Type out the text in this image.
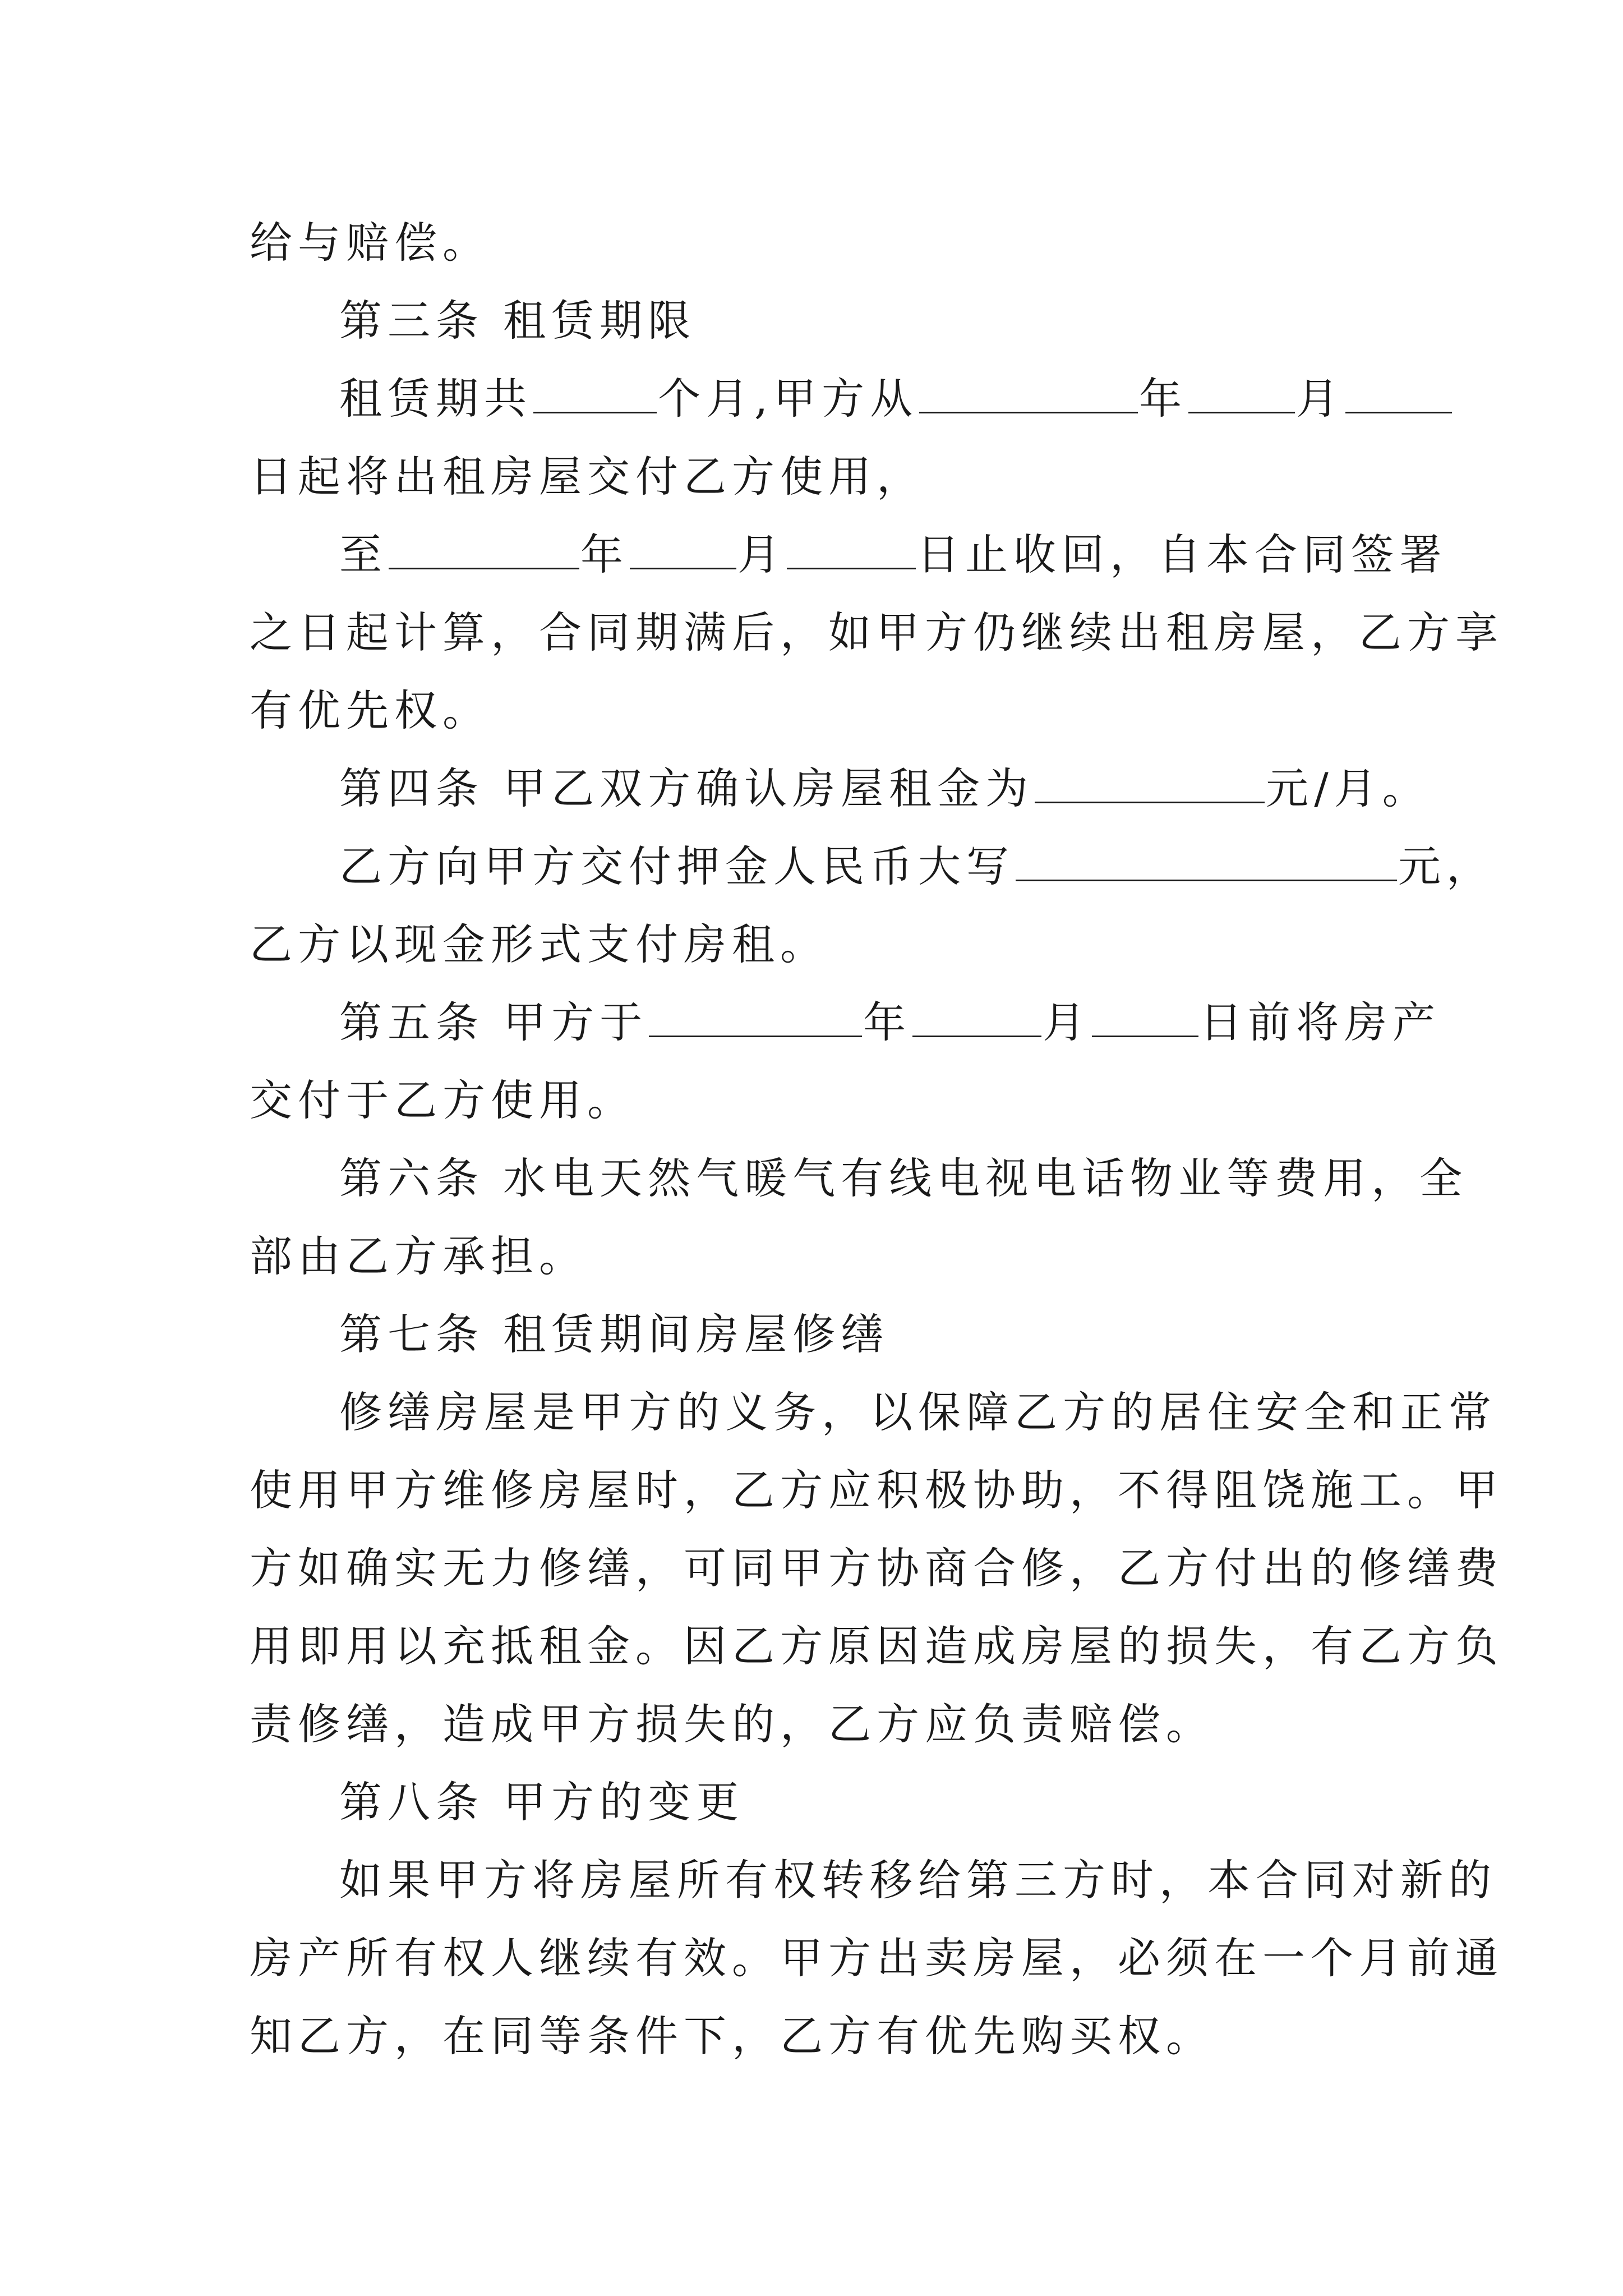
给与赔偿。
第三条 租赁期限
租赁期共	个月,甲方从	年	月
日起将出租房屋交付乙方使用，
至	年	月	日止收回，自本合同签署
之日起计算，合同期满后，如甲方仍继续出租房屋，乙方享
有优先权。
第四条 甲乙双方确认房屋租金为	元/月。
乙方向甲方交付押金人民币大写	元，
乙方以现金形式支付房租。
第五条 甲方于	年	月	日前将房产
交付于乙方使用。
第六条 水电天然气暖气有线电视电话物业等费用，全
部由乙方承担。
第七条 租赁期间房屋修缮
修缮房屋是甲方的义务，以保障乙方的居住安全和正常
使用甲方维修房屋时，乙方应积极协助，不得阻饶施工。甲
方如确实无力修缮，可同甲方协商合修，乙方付出的修缮费
用即用以充抵租金。因乙方原因造成房屋的损失，有乙方负
责修缮，造成甲方损失的，乙方应负责赔偿。
第八条 甲方的变更
如果甲方将房屋所有权转移给第三方时，本合同对新的
房产所有权人继续有效。甲方出卖房屋，必须在一个月前通
知乙方，在同等条件下，乙方有优先购买权。
